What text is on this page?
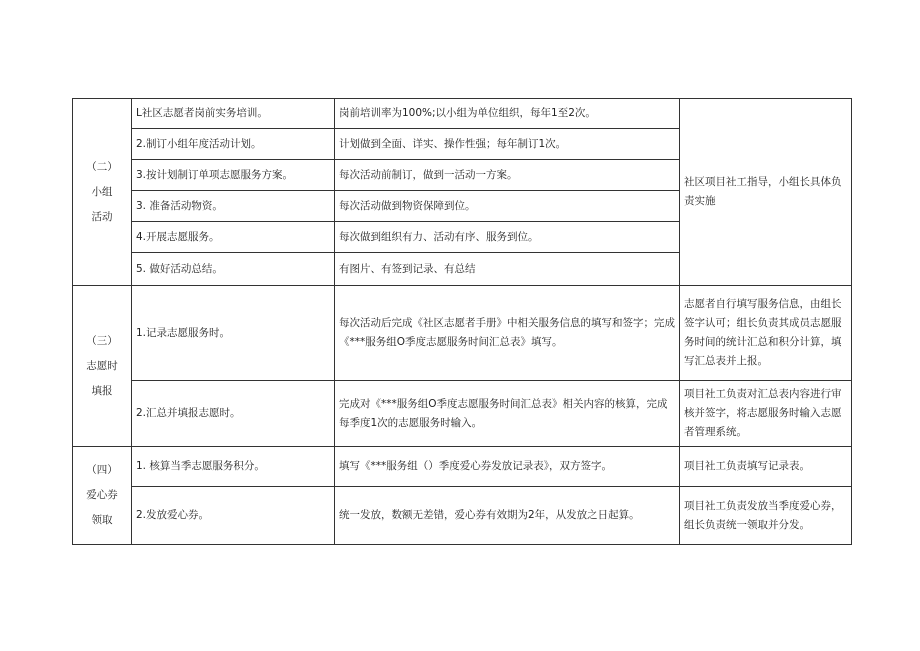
（二）
小组
活动	L社区志愿者岗前实务培训。	岗前培训率为100%;以小组为单位组织，每年1至2次。	社区项目社工指导，小组长具体负责实施
	2.制订小组年度活动计划。	计划做到全面、详实、操作性强；每年制订1次。	
	3.按计划制订单项志愿服务方案。	每次活动前制订，做到一活动一方案。	
	3. 准备活动物资。	每次活动做到物资保障到位。	
	4.开展志愿服务。	每次做到组织有力、活动有序、服务到位。	
	5. 做好活动总结。	有图片、有签到记录、有总结	

（三）
志愿时
填报	1.记录志愿服务时。	每次活动后完成《社区志愿者手册》中相关服务信息的填写和签字；完成《***服务组O季度志愿服务时间汇总表》填写。	志愿者自行填写服务信息，由组长签字认可；组长负责其成员志愿服务时间的统计汇总和积分计算，填写汇总表并上报。
	2.汇总并填报志愿时。	完成对《***服务组O季度志愿服务时间汇总表》相关内容的核算，完成每季度1次的志愿服务时输入。	项目社工负责对汇总表内容进行审核并签字，将志愿服务时输入志愿者管理系统。

（四）
爱心券
领取	1. 核算当季志愿服务积分。	填写《***服务组（）季度爱心券发放记录表》，双方签字。	项目社工负责填写记录表。
	2.发放爱心券。	统一发放，数额无差错，爱心券有效期为2年，从发放之日起算。	项目社工负责发放当季度爱心券，组长负责统一领取并分发。
